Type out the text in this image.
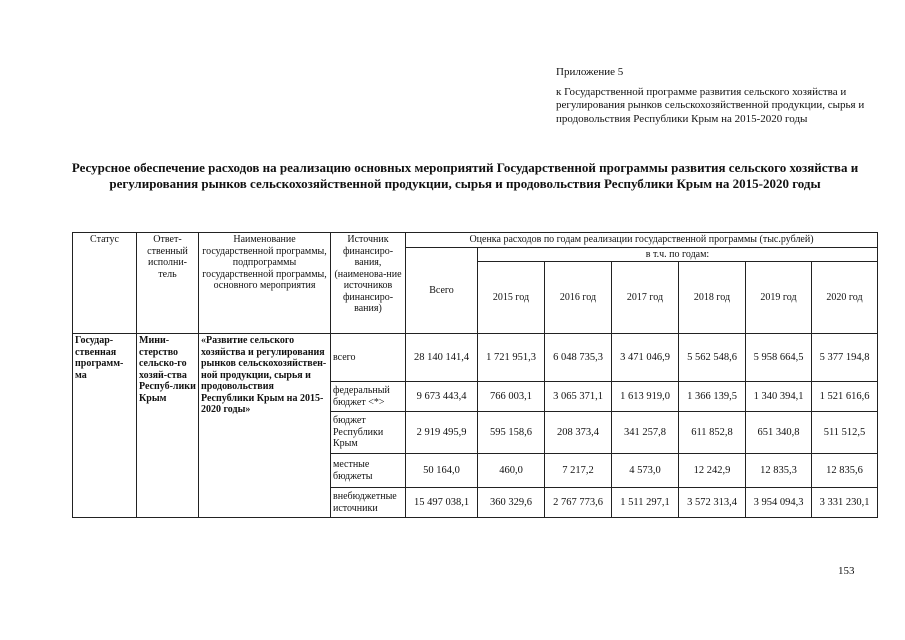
Приложение 5
к Государственной программе развития сельского хозяйства и регулирования рынков сельскохозяйственной продукции, сырья и продовольствия Республики Крым на 2015-2020 годы
Ресурсное обеспечение расходов на реализацию основных мероприятий Государственной программы развития сельского хозяйства и регулирования рынков сельскохозяйственной продукции, сырья и продовольствия Республики Крым на 2015-2020 годы
Статус	Ответ-ственный исполни-тель	Наименование государственной программы, подпрограммы государственной программы, основного мероприятия	Источник финансиро-вания, (наименова-ние источников финансиро-вания)	Оценка расходов по годам реализации государственной программы (тыс.рублей)						
				Всего	в т.ч. по годам:					
					2015 год	2016 год	2017 год	2018 год	2019 год	2020 год
Государ-ственная программ-ма	Мини-стерство сельско-го хозяй-ства Респуб-лики Крым	«Развитие сельского хозяйства и регулирования рынков сельскохозяйствен-ной продукции, сырья и продовольствия Республики Крым на 2015-2020 годы»	всего	28 140 141,4	1 721 951,3	6 048 735,3	3 471 046,9	5 562 548,6	5 958 664,5	5 377 194,8
			федеральный бюджет <*>	9 673 443,4	766 003,1	3 065 371,1	1 613 919,0	1 366 139,5	1 340 394,1	1 521 616,6
			бюджет Республики Крым	2 919 495,9	595 158,6	208 373,4	341 257,8	611 852,8	651 340,8	511 512,5
			местные бюджеты	50 164,0	460,0	7 217,2	4 573,0	12 242,9	12 835,3	12 835,6
			внебюджетные источники	15 497 038,1	360 329,6	2 767 773,6	1 511 297,1	3 572 313,4	3 954 094,3	3 331 230,1
153
